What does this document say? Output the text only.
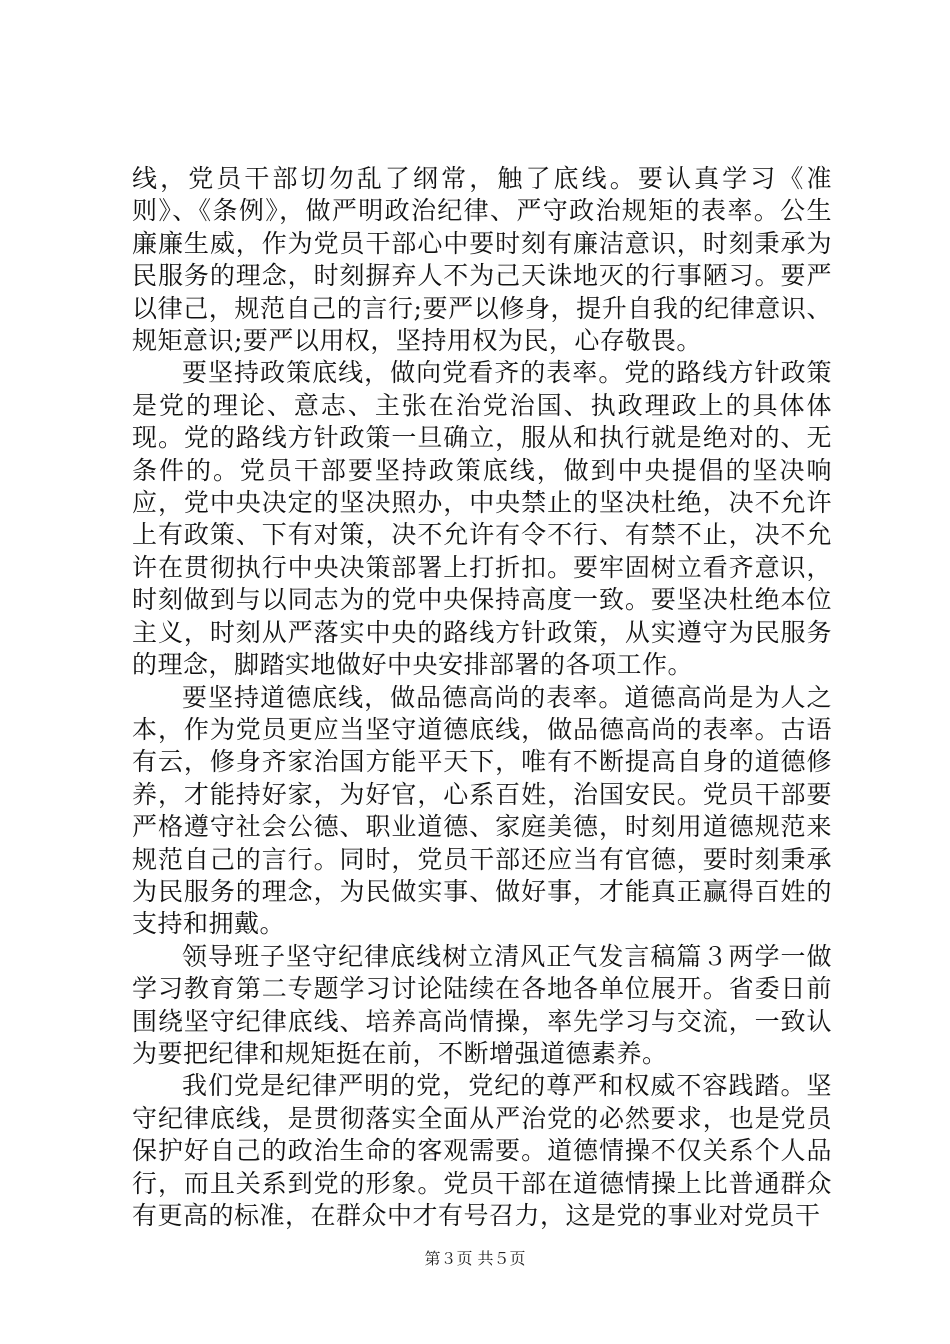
线，党员干部切勿乱了纲常，触了底线。要认真学习《准则》、《条例》，做严明政治纪律、严守政治规矩的表率。公生廉廉生威，作为党员干部心中要时刻有廉洁意识，时刻秉承为民服务的理念，时刻摒弃人不为己天诛地灭的行事陋习。要严以律己，规范自己的言行;要严以修身，提升自我的纪律意识、规矩意识;要严以用权，坚持用权为民，心存敬畏。

要坚持政策底线，做向党看齐的表率。党的路线方针政策是党的理论、意志、主张在治党治国、执政理政上的具体体现。党的路线方针政策一旦确立，服从和执行就是绝对的、无条件的。党员干部要坚持政策底线，做到中央提倡的坚决响应，党中央决定的坚决照办，中央禁止的坚决杜绝，决不允许上有政策、下有对策，决不允许有令不行、有禁不止，决不允许在贯彻执行中央决策部署上打折扣。要牢固树立看齐意识，时刻做到与以同志为的党中央保持高度一致。要坚决杜绝本位主义，时刻从严落实中央的路线方针政策，从实遵守为民服务的理念，脚踏实地做好中央安排部署的各项工作。

要坚持道德底线，做品德高尚的表率。道德高尚是为人之本，作为党员更应当坚守道德底线，做品德高尚的表率。古语有云，修身齐家治国方能平天下，唯有不断提高自身的道德修养，才能持好家，为好官，心系百姓，治国安民。党员干部要严格遵守社会公德、职业道德、家庭美德，时刻用道德规范来规范自己的言行。同时，党员干部还应当有官德，要时刻秉承为民服务的理念，为民做实事、做好事，才能真正赢得百姓的支持和拥戴。

领导班子坚守纪律底线树立清风正气发言稿篇３两学一做学习教育第二专题学习讨论陆续在各地各单位展开。省委日前围绕坚守纪律底线、培养高尚情操，率先学习与交流，一致认为要把纪律和规矩挺在前，不断增强道德素养。

我们党是纪律严明的党，党纪的尊严和权威不容践踏。坚守纪律底线，是贯彻落实全面从严治党的必然要求，也是党员保护好自己的政治生命的客观需要。道德情操不仅关系个人品行，而且关系到党的形象。党员干部在道德情操上比普通群众有更高的标准，在群众中才有号召力，这是党的事业对党员干

第３页 共５页
